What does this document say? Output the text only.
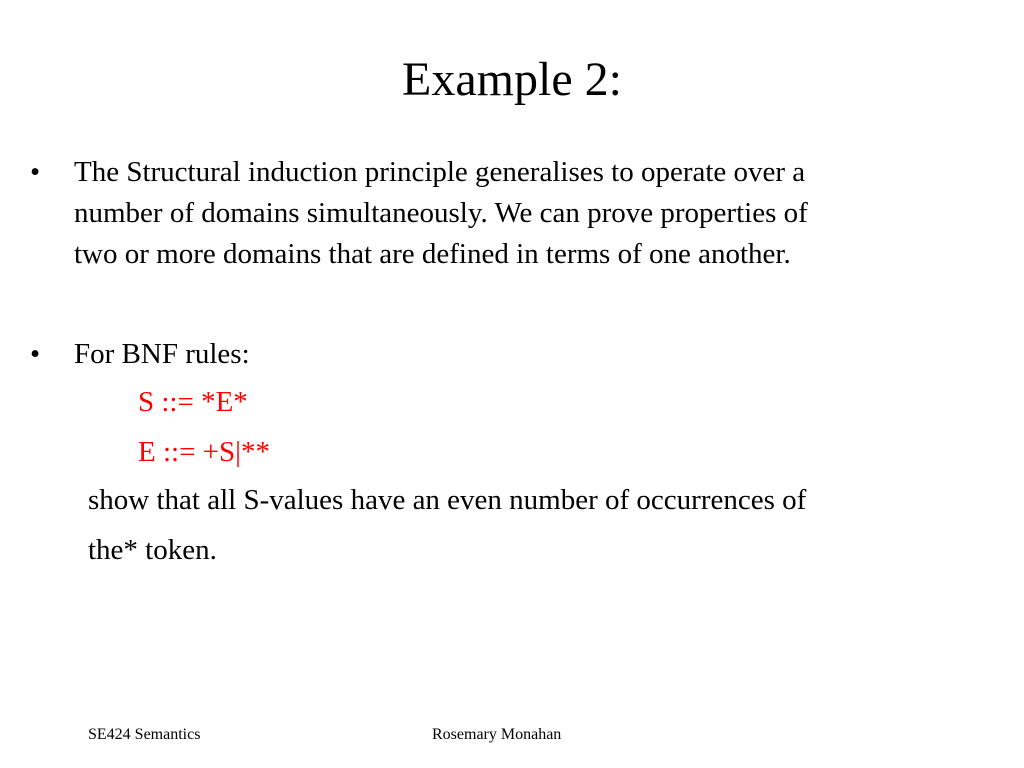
Example 2:
• The Structural induction principle generalises to operate over a
number of domains simultaneously. We can prove properties of
two or more domains that are defined in terms of one another.
• For BNF rules:
S ::= *E*
E ::= +S|**
show that all S-values have an even number of occurrences of
the* token.
SE424 Semantics	Rosemary Monahan
